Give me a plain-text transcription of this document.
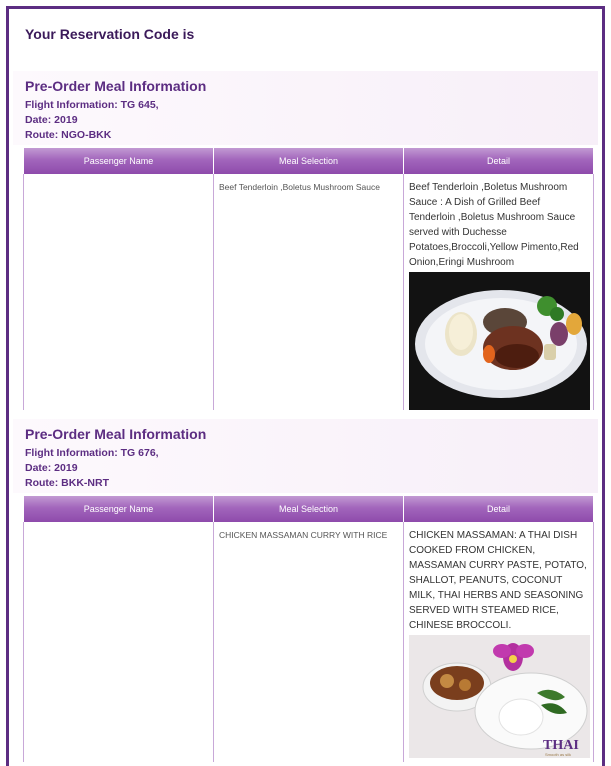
Your Reservation Code is
Pre-Order Meal Information
Flight Information: TG 645,
Date: 2019
Route: NGO-BKK
Passenger Name	Meal Selection	Detail

	Beef Tenderloin ,Boletus Mushroom Sauce	Beef Tenderloin ,Boletus Mushroom Sauce : A Dish of Grilled Beef Tenderloin ,Boletus Mushroom Sauce served with Duchesse Potatoes,Broccoli,Yellow Pimento,Red Onion,Eringi Mushroom
Pre-Order Meal Information
Flight Information: TG 676,
Date: 2019
Route: BKK-NRT
Passenger Name	Meal Selection	Detail

	CHICKEN MASSAMAN CURRY WITH RICE	CHICKEN MASSAMAN: A THAI DISH COOKED FROM CHICKEN, MASSAMAN CURRY PASTE, POTATO, SHALLOT, PEANUTS, COCONUT MILK, THAI HERBS AND SEASONING SERVED WITH STEAMED RICE, CHINESE BROCCOLI.
THAI
Smooth as silk
